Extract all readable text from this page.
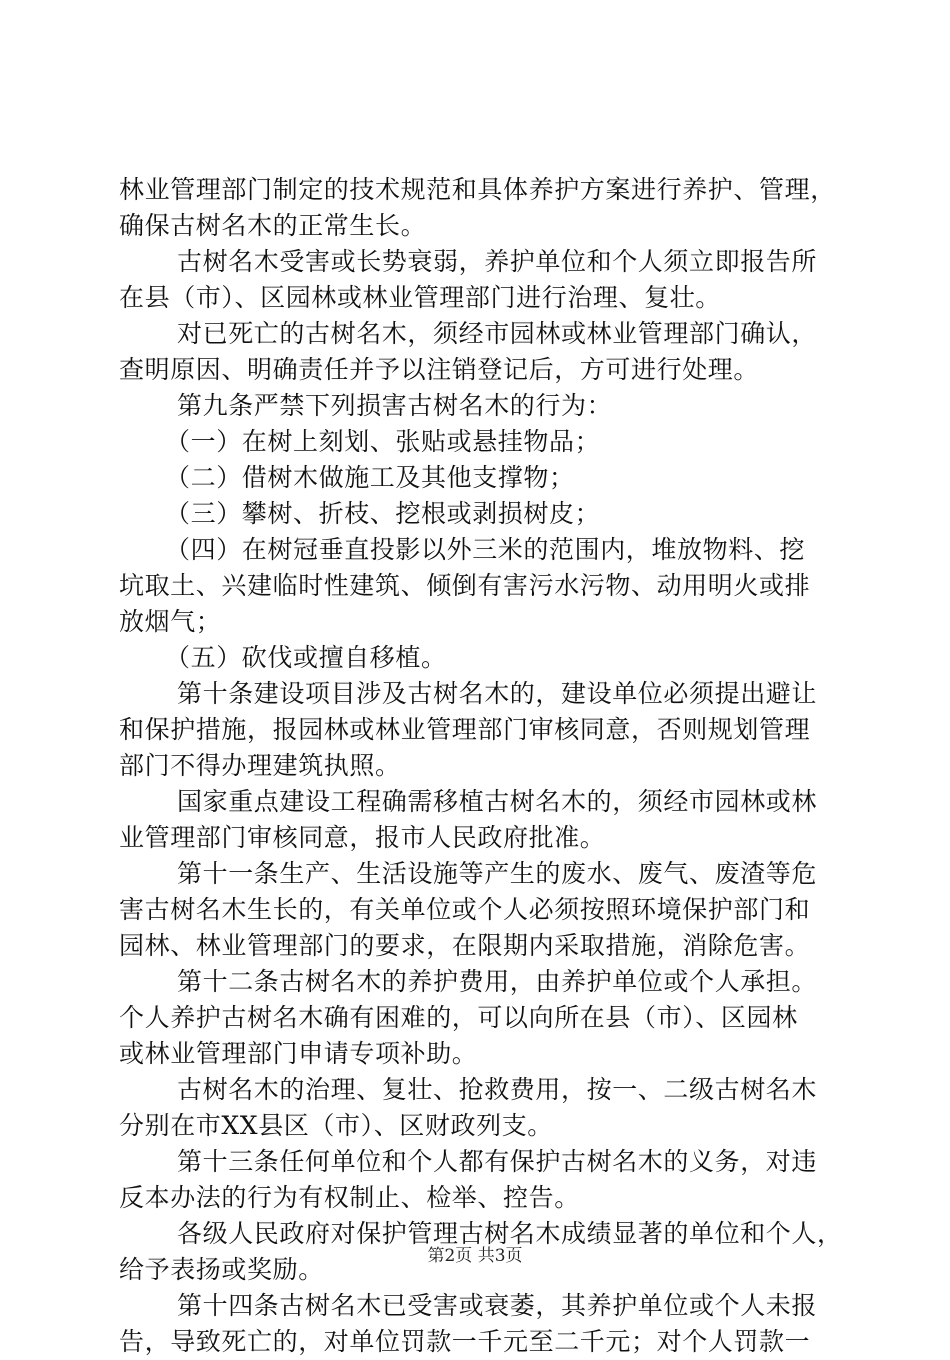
林业管理部门制定的技术规范和具体养护方案进行养护、管理，
确保古树名木的正常生长。
古树名木受害或长势衰弱，养护单位和个人须立即报告所
在县（市）、区园林或林业管理部门进行治理、复壮。
对已死亡的古树名木，须经市园林或林业管理部门确认，
查明原因、明确责任并予以注销登记后，方可进行处理。
第九条严禁下列损害古树名木的行为：
（一）在树上刻划、张贴或悬挂物品；
（二）借树木做施工及其他支撑物；
（三）攀树、折枝、挖根或剥损树皮；
（四）在树冠垂直投影以外三米的范围内，堆放物料、挖
坑取土、兴建临时性建筑、倾倒有害污水污物、动用明火或排
放烟气；
（五）砍伐或擅自移植。
第十条建设项目涉及古树名木的，建设单位必须提出避让
和保护措施，报园林或林业管理部门审核同意，否则规划管理
部门不得办理建筑执照。
国家重点建设工程确需移植古树名木的，须经市园林或林
业管理部门审核同意，报市人民政府批准。
第十一条生产、生活设施等产生的废水、废气、废渣等危
害古树名木生长的，有关单位或个人必须按照环境保护部门和
园林、林业管理部门的要求，在限期内采取措施，消除危害。
第十二条古树名木的养护费用，由养护单位或个人承担。
个人养护古树名木确有困难的，可以向所在县（市）、区园林
或林业管理部门申请专项补助。
古树名木的治理、复壮、抢救费用，按一、二级古树名木
分别在市XX县区（市）、区财政列支。
第十三条任何单位和个人都有保护古树名木的义务，对违
反本办法的行为有权制止、检举、控告。
各级人民政府对保护管理古树名木成绩显著的单位和个人，
给予表扬或奖励。
第十四条古树名木已受害或衰萎，其养护单位或个人未报
告，导致死亡的，对单位罚款一千元至二千元；对个人罚款一
第2页 共3页
